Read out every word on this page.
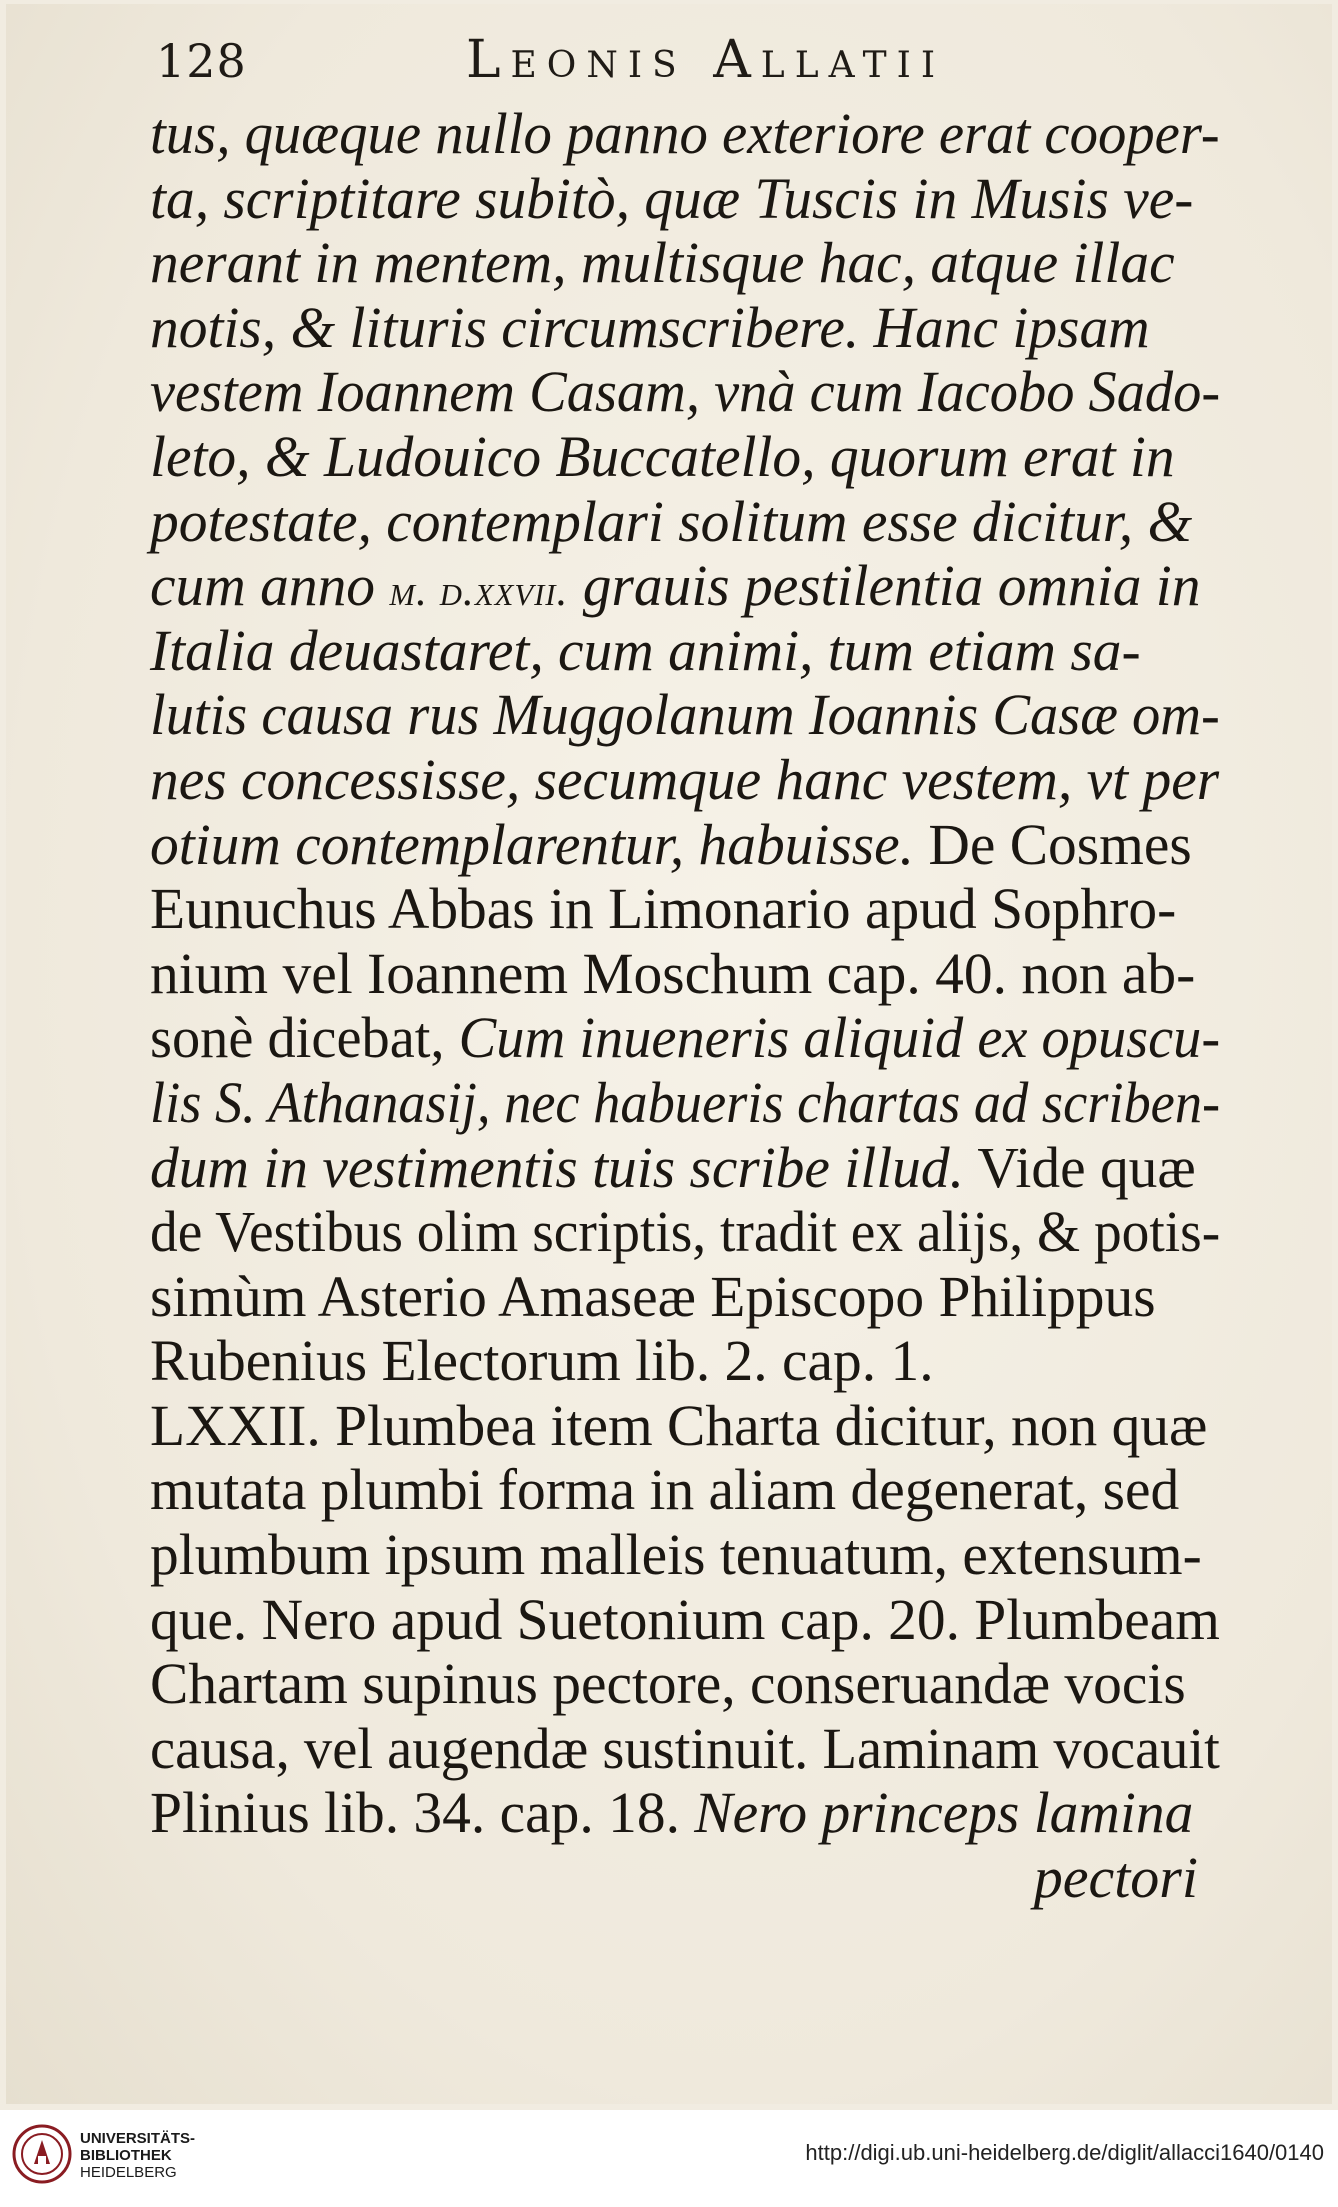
128	Leonis Allatii
tus, quæque nullo panno exteriore erat cooper-
ta, scriptitare subitò, quæ Tuscis in Musis ve-
nerant in mentem, multisque hac, atque illac
notis, & lituris circumscribere. Hanc ipsam
vestem Ioannem Casam, vnà cum Iacobo Sado-
leto, & Ludouico Buccatello, quorum erat in
potestate, contemplari solitum esse dicitur, &
cum anno m. d.xxvii. grauis pestilentia omnia in
Italia deuastaret, cum animi, tum etiam sa-
lutis causa rus Muggolanum Ioannis Casæ om-
nes concessisse, secumque hanc vestem, vt per
otium contemplarentur, habuisse. De Cosmes
Eunuchus Abbas in Limonario apud Sophro-
nium vel Ioannem Moschum cap. 40. non ab-
sonè dicebat, Cum inueneris aliquid ex opuscu-
lis S. Athanasij, nec habueris chartas ad scriben-
dum in vestimentis tuis scribe illud. Vide quæ
de Vestibus olim scriptis, tradit ex alijs, & potis-
simùm Asterio Amaseæ Episcopo Philippus
Rubenius Electorum lib. 2. cap. 1.
LXXII. Plumbea item Charta dicitur, non quæ
mutata plumbi forma in aliam degenerat, sed
plumbum ipsum malleis tenuatum, extensum-
que. Nero apud Suetonium cap. 20. Plumbeam
Chartam supinus pectore, conseruandæ vocis
causa, vel augendæ sustinuit. Laminam vocauit
Plinius lib. 34. cap. 18. Nero princeps lamina
pectori
UNIVERSITÄTS-
BIBLIOTHEK
HEIDELBERG
http://digi.ub.uni-heidelberg.de/diglit/allacci1640/0140
